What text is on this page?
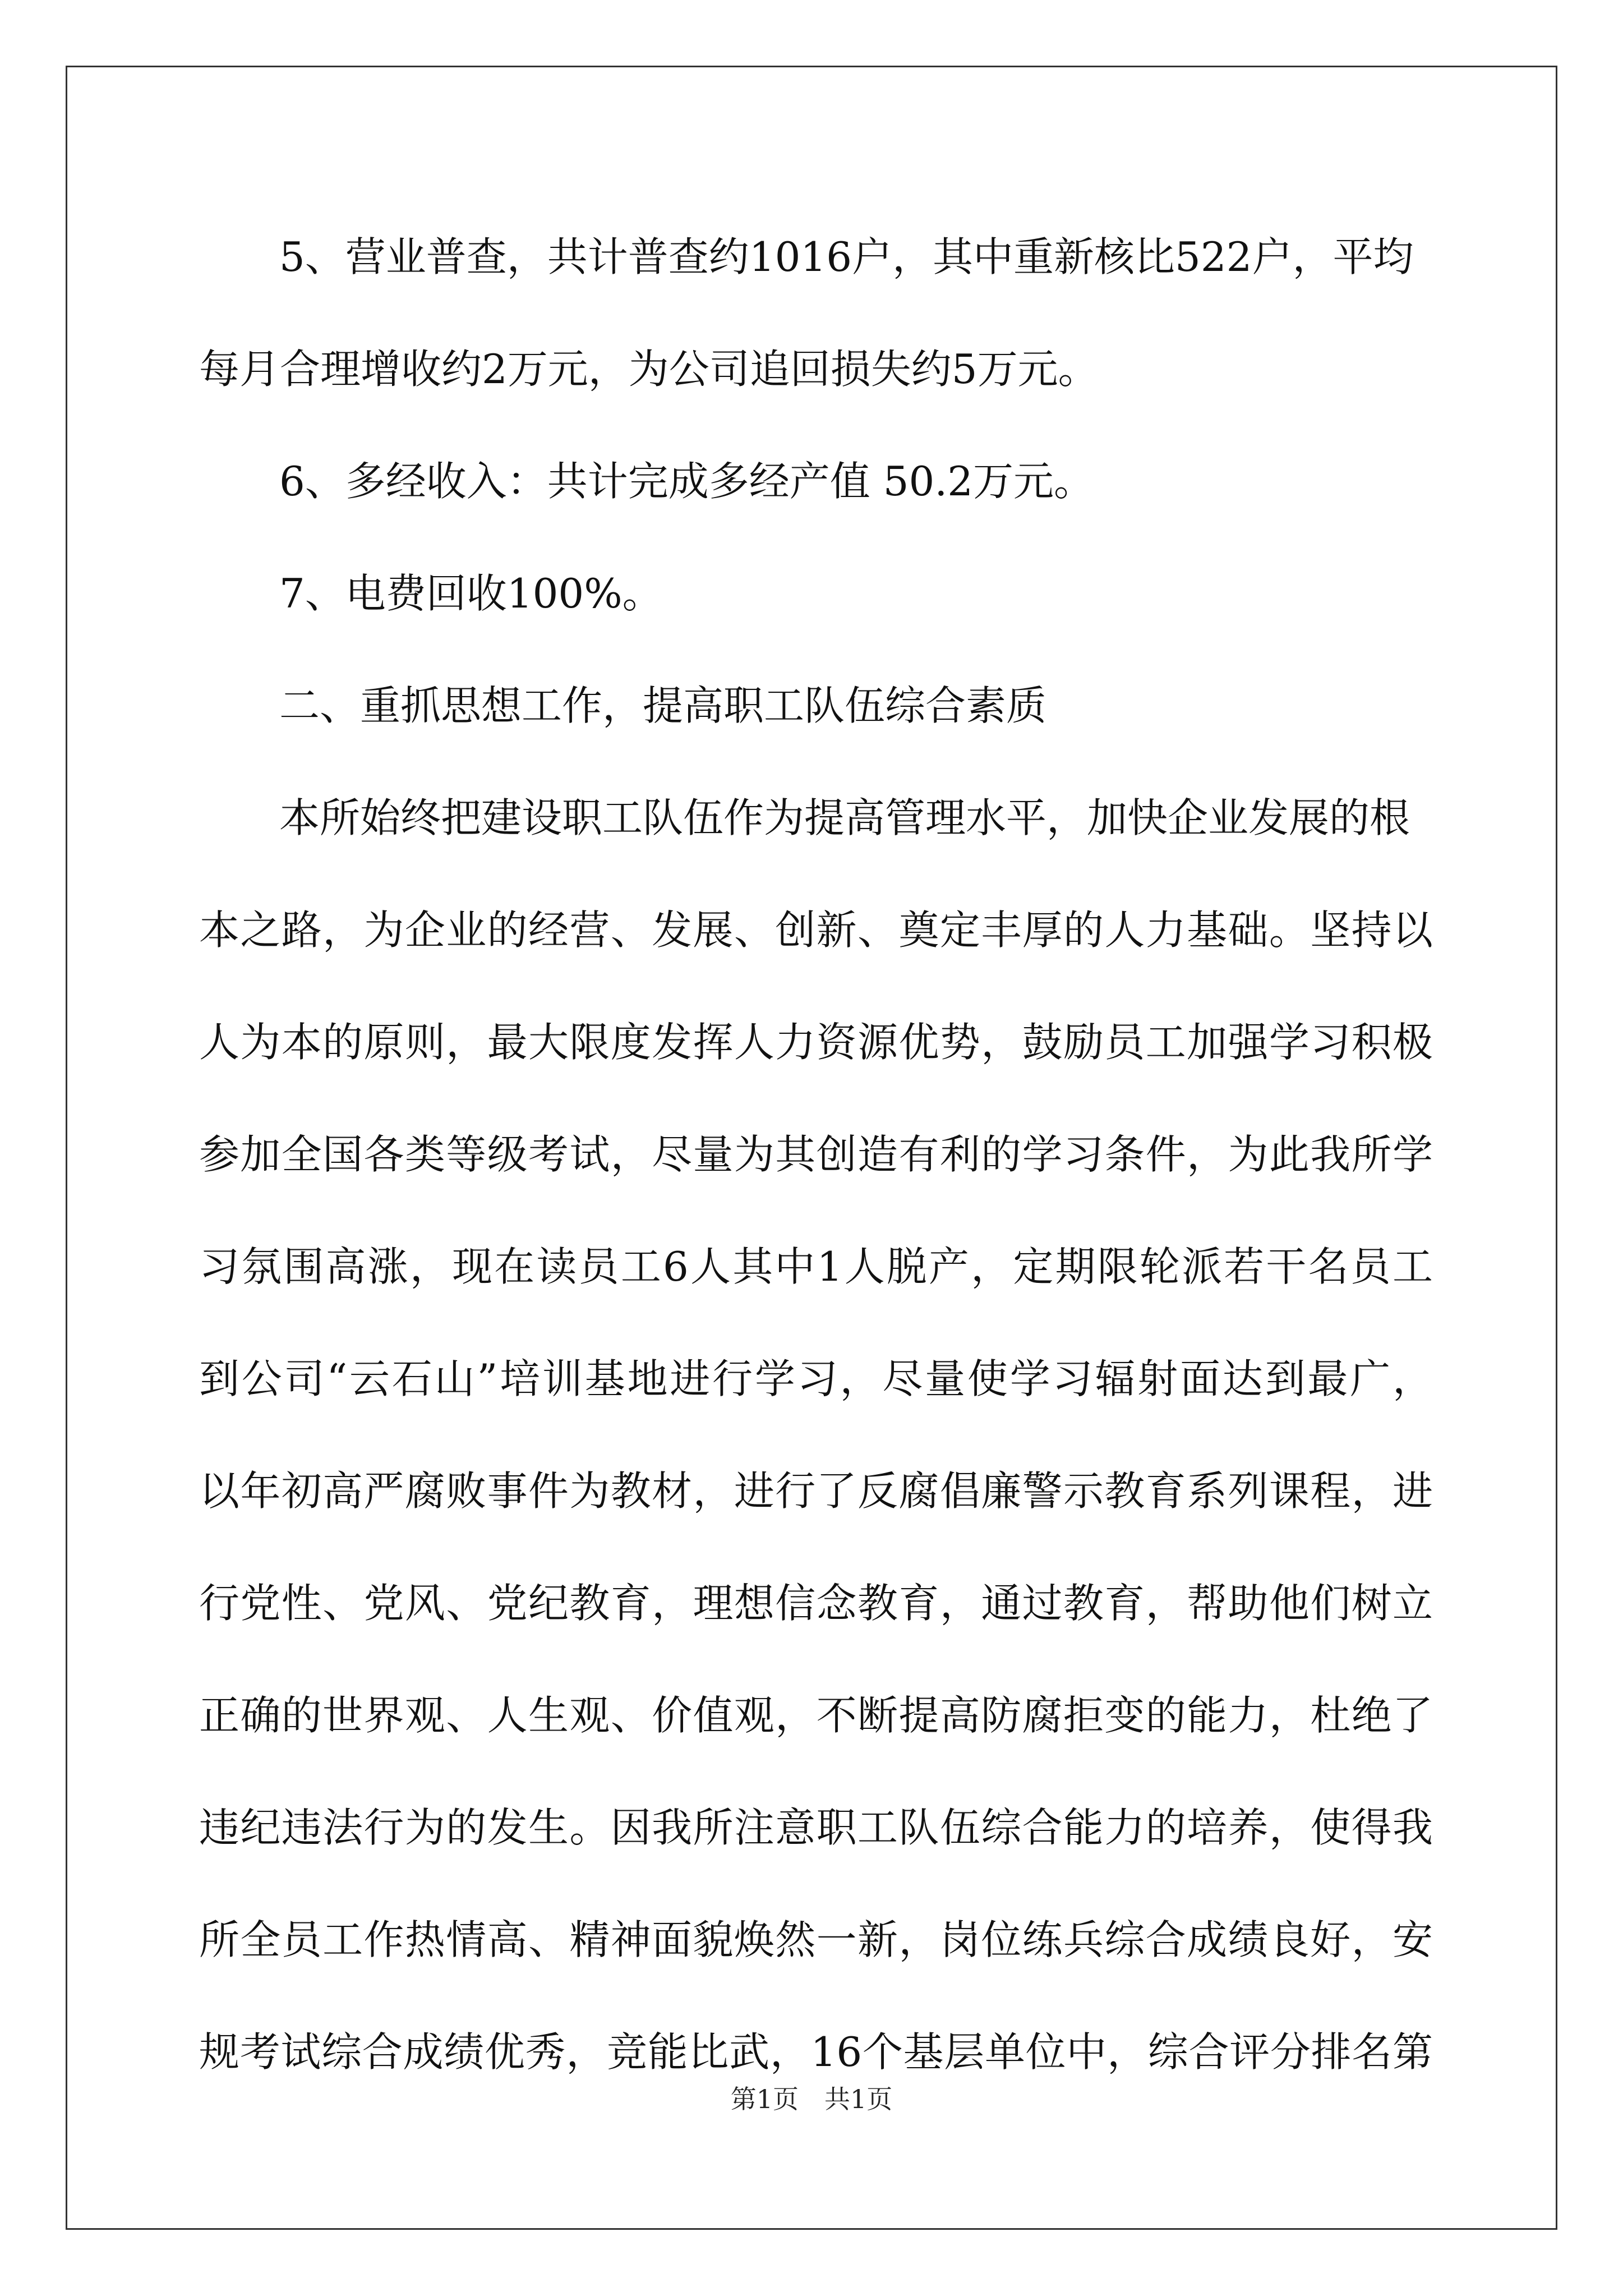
5、营业普查，共计普查约1016户，其中重新核比522户，平均
每月合理增收约2万元，为公司追回损失约5万元。
6、多经收入：共计完成多经产值 50.2万元。
7、电费回收100%。
二、重抓思想工作，提高职工队伍综合素质
本所始终把建设职工队伍作为提高管理水平，加快企业发展的根
本之路，为企业的经营、发展、创新、奠定丰厚的人力基础。坚持以
人为本的原则，最大限度发挥人力资源优势，鼓励员工加强学习积极
参加全国各类等级考试，尽量为其创造有利的学习条件，为此我所学
习氛围高涨，现在读员工6人其中1人脱产，定期限轮派若干名员工
到公司“云石山”培训基地进行学习，尽量使学习辐射面达到最广，
以年初高严腐败事件为教材，进行了反腐倡廉警示教育系列课程，进
行党性、党风、党纪教育，理想信念教育，通过教育，帮助他们树立
正确的世界观、人生观、价值观，不断提高防腐拒变的能力，杜绝了
违纪违法行为的发生。因我所注意职工队伍综合能力的培养，使得我
所全员工作热情高、精神面貌焕然一新，岗位练兵综合成绩良好，安
规考试综合成绩优秀，竞能比武，16个基层单位中，综合评分排名第
第1页　共1页
